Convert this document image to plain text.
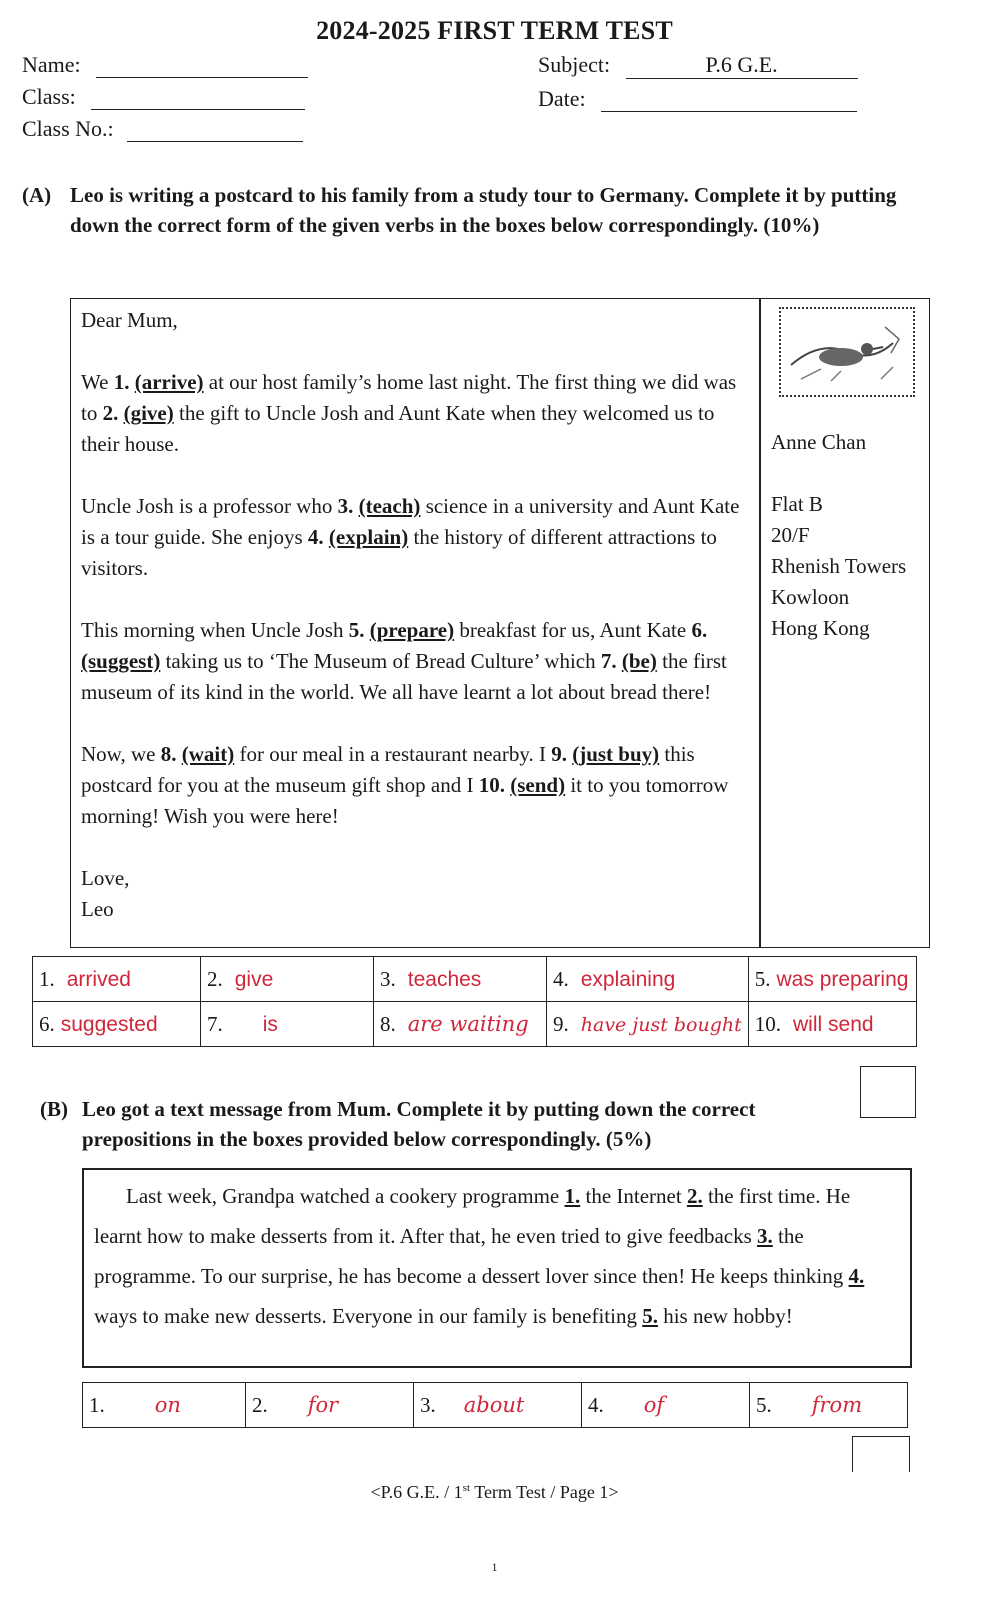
2024-2025 FIRST TERM TEST
Name:
Class:
Class No.:
Subject:	P.6 G.E.
Date:
(A) Leo is writing a postcard to his family from a study tour to Germany. Complete it by putting down the correct form of the given verbs in the boxes below correspondingly. (10%)

Dear Mum,

We 1. (arrive) at our host family’s home last night. The first thing we did was to 2. (give) the gift to Uncle Josh and Aunt Kate when they welcomed us to their house.

Uncle Josh is a professor who 3. (teach) science in a university and Aunt Kate is a tour guide. She enjoys 4. (explain) the history of different attractions to visitors.

This morning when Uncle Josh 5. (prepare) breakfast for us, Aunt Kate 6. (suggest) taking us to ‘The Museum of Bread Culture’ which 7. (be) the first museum of its kind in the world. We all have learnt a lot about bread there!

Now, we 8. (wait) for our meal in a restaurant nearby. I 9. (just buy) this postcard for you at the museum gift shop and I 10. (send) it to you tomorrow morning! Wish you were here!

Love,

Leo

Anne Chan
Flat B
20/F
Rhenish Towers
Kowloon
Hong Kong
1. arrived	2. give	3. teaches	4. explaining	5. was preparing
6. suggested	7. is	8. are waiting	9. have just bought	10. will send
(B) Leo got a text message from Mum. Complete it by putting down the correct prepositions in the boxes provided below correspondingly. (5%)

Last week, Grandpa watched a cookery programme 1. the Internet 2. the first time. He learnt how to make desserts from it. After that, he even tried to give feedbacks 3. the programme. To our surprise, he has become a dessert lover since then! He keeps thinking 4. ways to make new desserts. Everyone in our family is benefiting 5. his new hobby!

1. on	2. for	3. about	4. of	5. from
<P.6 G.E. / 1st Term Test / Page 1>
1
